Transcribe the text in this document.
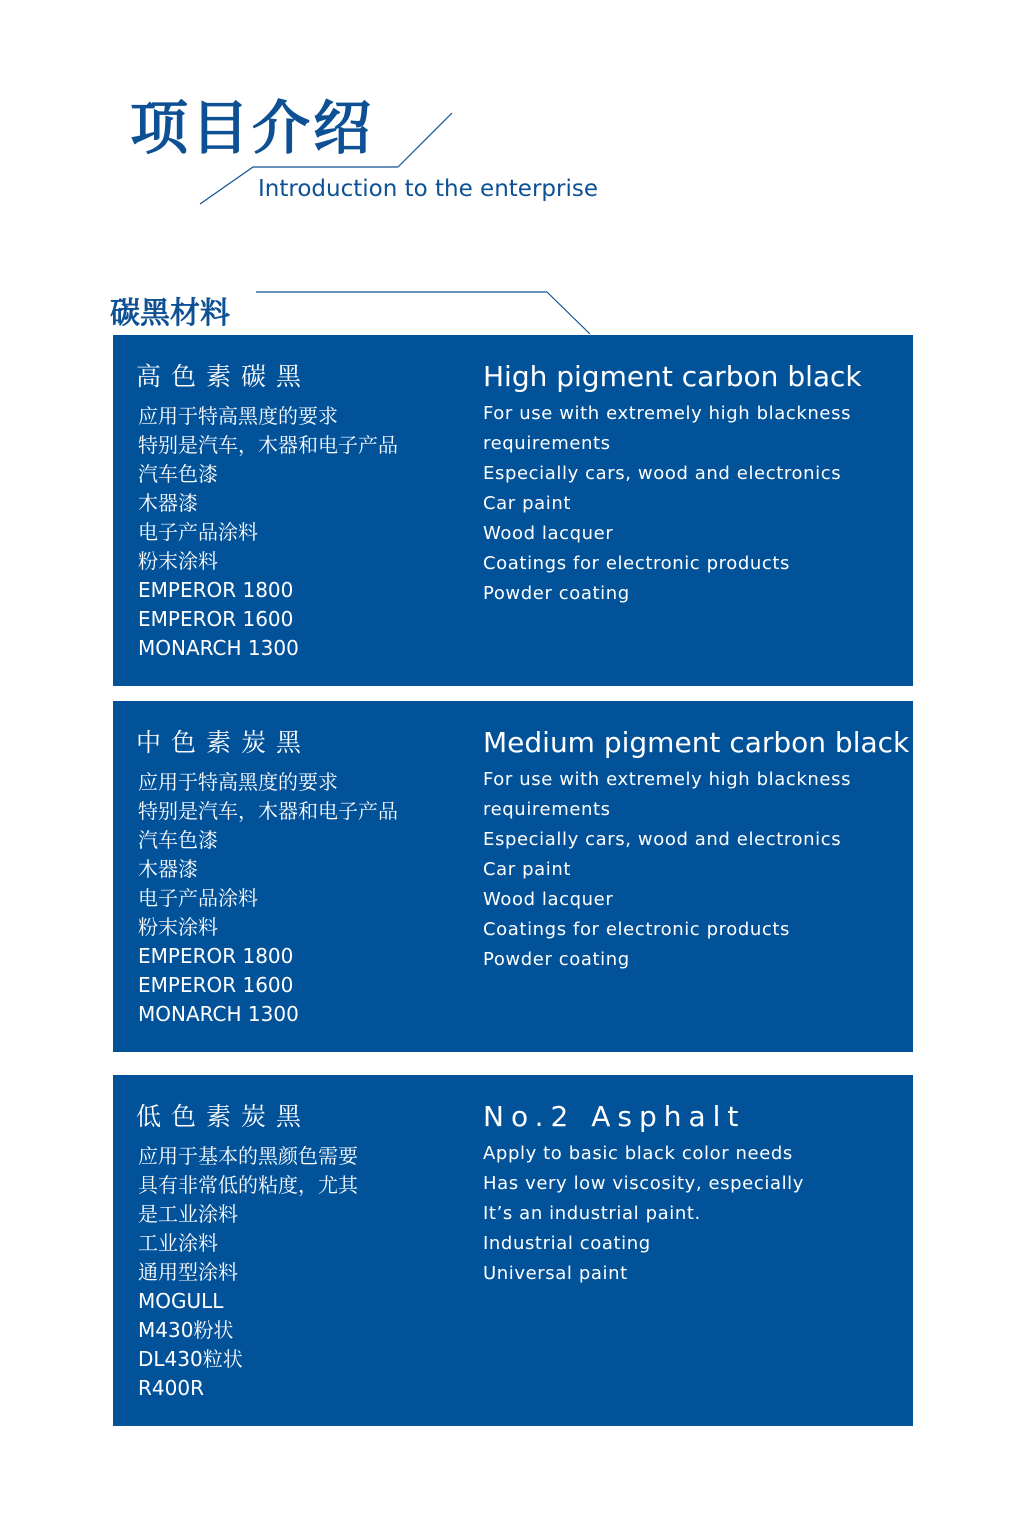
项目介绍
Introduction to the enterprise
碳黑材料
高色素碳黑	High pigment carbon black
应用于特高黑度的要求
特别是汽车，木器和电子产品
汽车色漆
木器漆
电子产品涂料
粉末涂料
EMPEROR 1800
EMPEROR 1600
MONARCH 1300
For use with extremely high blackness
requirements
Especially cars, wood and electronics
Car paint
Wood lacquer
Coatings for electronic products
Powder coating
中色素炭黑	Medium pigment carbon black
应用于特高黑度的要求
特别是汽车，木器和电子产品
汽车色漆
木器漆
电子产品涂料
粉末涂料
EMPEROR 1800
EMPEROR 1600
MONARCH 1300
For use with extremely high blackness
requirements
Especially cars, wood and electronics
Car paint
Wood lacquer
Coatings for electronic products
Powder coating
低色素炭黑	No.2 Asphalt
应用于基本的黑颜色需要
具有非常低的粘度，尤其
是工业涂料
工业涂料
通用型涂料
MOGULL
M430粉状
DL430粒状
R400R
Apply to basic black color needs
Has very low viscosity, especially
It’s an industrial paint.
Industrial coating
Universal paint
